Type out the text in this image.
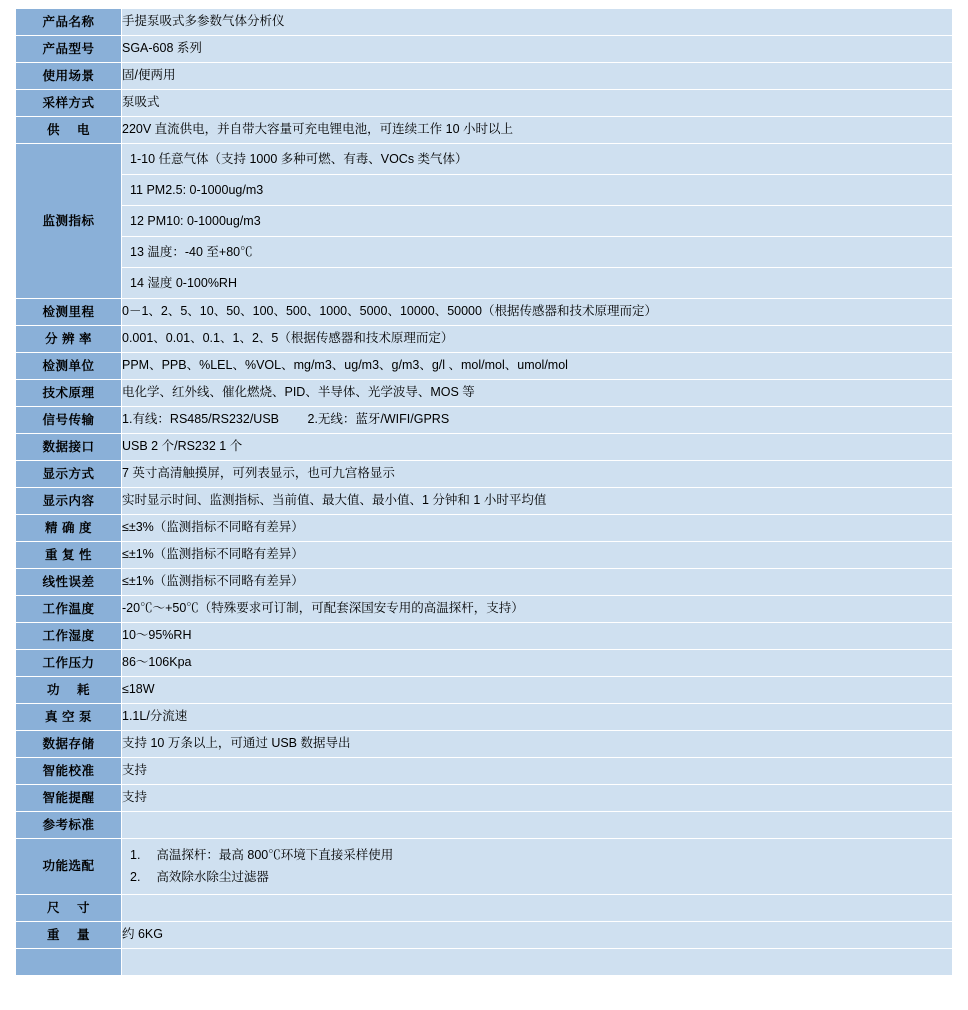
产品名称	手提泵吸式多参数气体分析仪
产品型号	SGA-608 系列
使用场景	固/便两用
采样方式	泵吸式
供　 电	220V 直流供电，并自带大容量可充电锂电池，可连续工作 10 小时以上
监测指标	1-10 任意气体（支持 1000 多种可燃、有毒、VOCs 类气体）
11 PM2.5: 0-1000ug/m3
12 PM10: 0-1000ug/m3
13 温度：-40 至+80℃
14 湿度 0-100%RH

检测里程	0－1、2、5、10、50、100、500、1000、5000、10000、50000（根据传感器和技术原理而定）
分 辨 率	0.001、0.01、0.1、1、2、5（根据传感器和技术原理而定）
检测单位	PPM、PPB、%LEL、%VOL、mg/m3、ug/m3、g/m3、g/l 、mol/mol、umol/mol
技术原理	电化学、红外线、催化燃烧、PID、半导体、光学波导、MOS 等
信号传输	1.有线：RS485/RS232/USB 　　2.无线：蓝牙/WIFI/GPRS
数据接口	USB 2 个/RS232 1 个
显示方式	7 英寸高清触摸屏，可列表显示，也可九宫格显示
显示内容	实时显示时间、监测指标、当前值、最大值、最小值、1 分钟和 1 小时平均值
精 确 度	≤±3%（监测指标不同略有差异）
重 复 性	≤±1%（监测指标不同略有差异）
线性误差	≤±1%（监测指标不同略有差异）
工作温度	-20℃～+50℃（特殊要求可订制，可配套深国安专用的高温探杆，支持）
工作湿度	10～95%RH
工作压力	86～106Kpa
功　 耗	≤18W
真 空 泵	1.1L/分流速
数据存储	支持 10 万条以上，可通过 USB 数据导出
智能校准	支持
智能提醒	支持
参考标准	
功能选配	1.　 高温探杆：最高 800℃环境下直接采样使用
2.　 高效除水除尘过滤器

尺　 寸	

重　 量	约 6KG
